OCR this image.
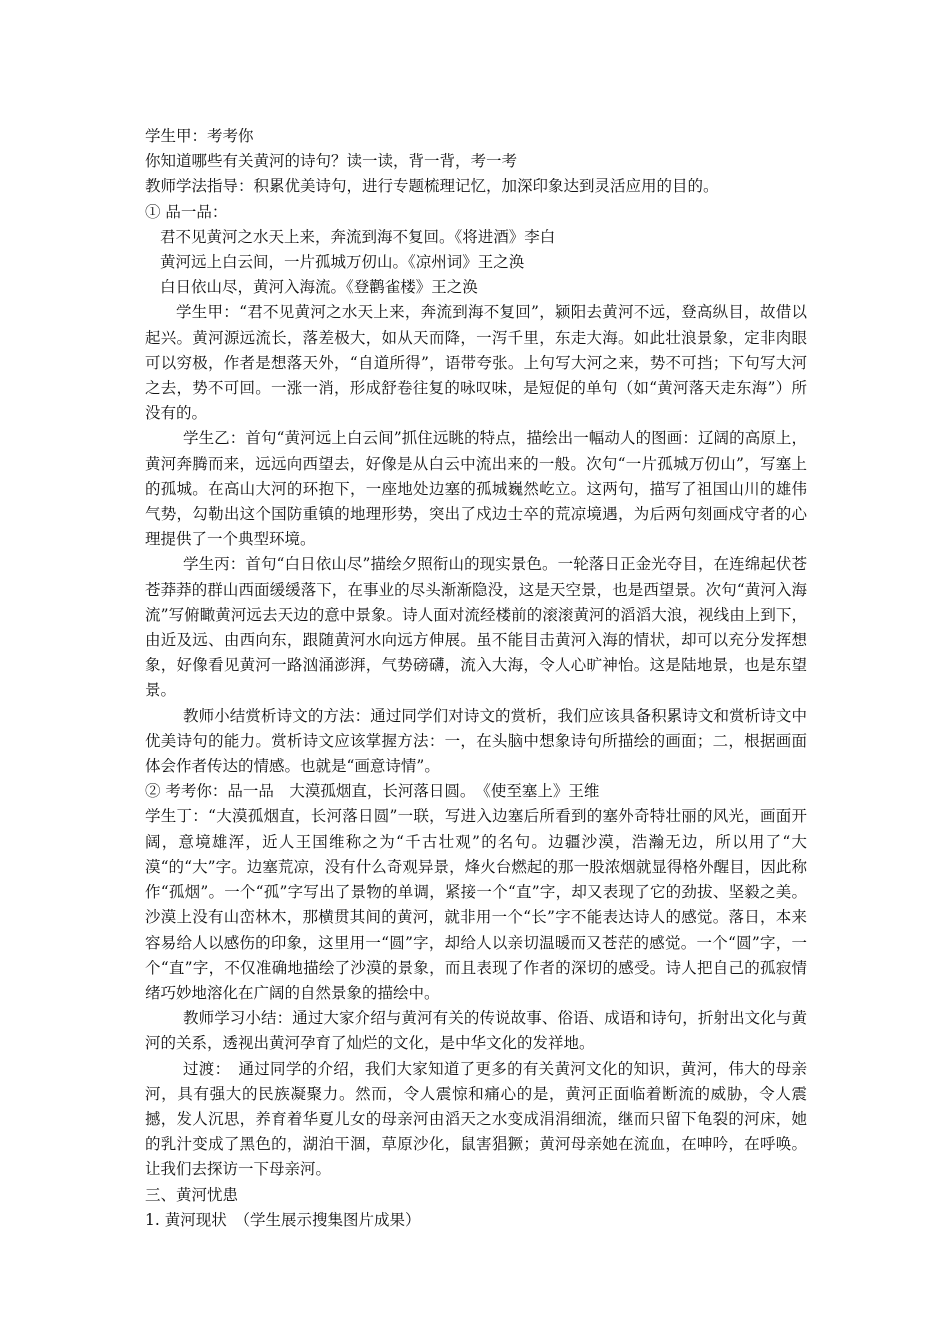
学生甲：考考你
你知道哪些有关黄河的诗句？读一读，背一背，考一考
教师学法指导：积累优美诗句，进行专题梳理记忆，加深印象达到灵活应用的目的。
① 品一品：
君不见黄河之水天上来，奔流到海不复回。《将进酒》李白
黄河远上白云间，一片孤城万仞山。《凉州词》王之涣
白日依山尽，黄河入海流。《登鹳雀楼》王之涣

学生甲：“君不见黄河之水天上来，奔流到海不复回”，颍阳去黄河不远，登高纵目，故借以起兴。黄河源远流长，落差极大，如从天而降，一泻千里，东走大海。如此壮浪景象，定非肉眼可以穷极，作者是想落天外，“自道所得”，语带夸张。上句写大河之来，势不可挡；下句写大河之去，势不可回。一涨一消，形成舒卷往复的咏叹味，是短促的单句（如“黄河落天走东海”）所没有的。

学生乙：首句“黄河远上白云间”抓住远眺的特点，描绘出一幅动人的图画：辽阔的高原上，黄河奔腾而来，远远向西望去，好像是从白云中流出来的一般。次句“一片孤城万仞山”，写塞上的孤城。在高山大河的环抱下，一座地处边塞的孤城巍然屹立。这两句，描写了祖国山川的雄伟气势，勾勒出这个国防重镇的地理形势，突出了戍边士卒的荒凉境遇，为后两句刻画戍守者的心理提供了一个典型环境。

学生丙：首句“白日依山尽”描绘夕照衔山的现实景色。一轮落日正金光夺目，在连绵起伏苍苍莽莽的群山西面缓缓落下，在事业的尽头渐渐隐没，这是天空景，也是西望景。次句“黄河入海流”写俯瞰黄河远去天边的意中景象。诗人面对流经楼前的滚滚黄河的滔滔大浪，视线由上到下，由近及远、由西向东，跟随黄河水向远方伸展。虽不能目击黄河入海的情状，却可以充分发挥想象，好像看见黄河一路汹涌澎湃，气势磅礴，流入大海，令人心旷神怡。这是陆地景，也是东望景。

教师小结赏析诗文的方法：通过同学们对诗文的赏析，我们应该具备积累诗文和赏析诗文中优美诗句的能力。赏析诗文应该掌握方法：一，在头脑中想象诗句所描绘的画面；二，根据画面体会作者传达的情感。也就是“画意诗情”。

② 考考你：品一品　大漠孤烟直，长河落日圆。　《使至塞上》王维

学生丁：“大漠孤烟直，长河落日圆”一联，写进入边塞后所看到的塞外奇特壮丽的风光，画面开阔，意境雄浑，近人王国维称之为“千古壮观”的名句。边疆沙漠，浩瀚无边，所以用了“大漠“的“大”字。边塞荒凉，没有什么奇观异景，烽火台燃起的那一股浓烟就显得格外醒目，因此称作“孤烟”。一个“孤”字写出了景物的单调，紧接一个“直”字，却又表现了它的劲拔、坚毅之美。沙漠上没有山峦林木，那横贯其间的黄河，就非用一个“长”字不能表达诗人的感觉。落日，本来容易给人以感伤的印象，这里用一“圆”字，却给人以亲切温暖而又苍茫的感觉。一个“圆”字，一个“直”字，不仅准确地描绘了沙漠的景象，而且表现了作者的深切的感受。诗人把自己的孤寂情绪巧妙地溶化在广阔的自然景象的描绘中。

教师学习小结：通过大家介绍与黄河有关的传说故事、俗语、成语和诗句，折射出文化与黄河的关系，透视出黄河孕育了灿烂的文化，是中华文化的发祥地。

过渡：　通过同学的介绍，我们大家知道了更多的有关黄河文化的知识，黄河，伟大的母亲河，具有强大的民族凝聚力。然而，令人震惊和痛心的是，黄河正面临着断流的威胁，令人震撼，发人沉思，养育着华夏儿女的母亲河由滔天之水变成涓涓细流，继而只留下龟裂的河床，她的乳汁变成了黑色的，湖泊干涸，草原沙化，鼠害猖獗；黄河母亲她在流血，在呻吟，在呼唤。让我们去探访一下母亲河。

三、黄河忧患
1. 黄河现状　（学生展示搜集图片成果）
